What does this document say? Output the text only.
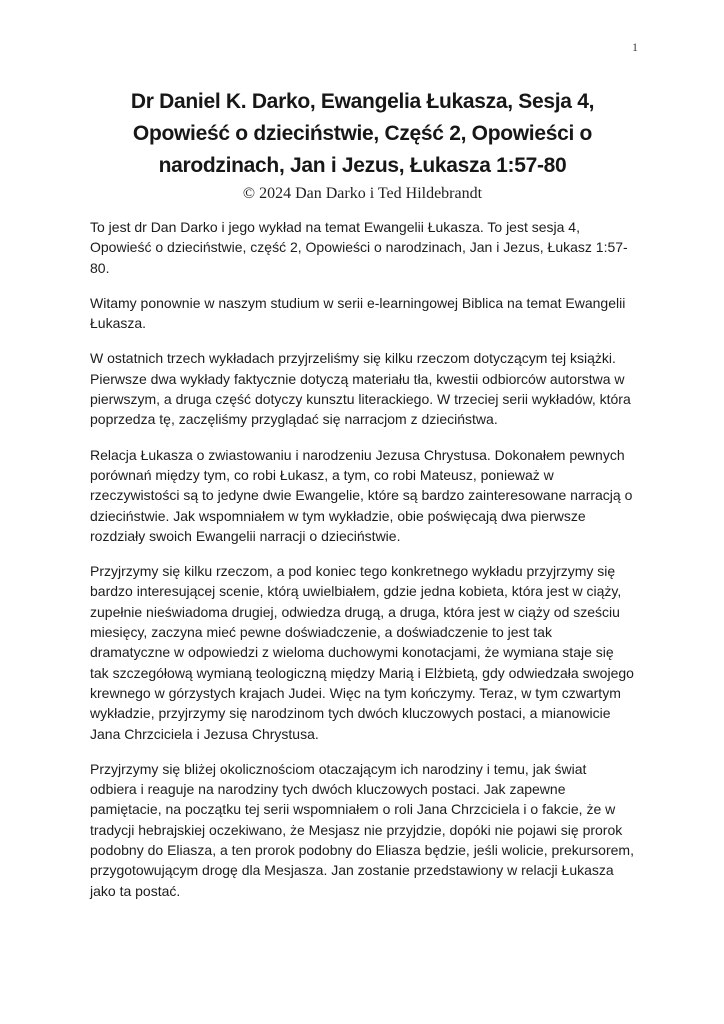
1
Dr Daniel K. Darko, Ewangelia Łukasza, Sesja 4,
Opowieść o dzieciństwie, Część 2, Opowieści o
narodzinach, Jan i Jezus, Łukasza 1:57-80
© 2024 Dan Darko i Ted Hildebrandt

To jest dr Dan Darko i jego wykład na temat Ewangelii Łukasza. To jest sesja 4, Opowieść o dzieciństwie, część 2, Opowieści o narodzinach, Jan i Jezus, Łukasz 1:57-80.

Witamy ponownie w naszym studium w serii e-learningowej Biblica na temat Ewangelii Łukasza.

W ostatnich trzech wykładach przyjrzeliśmy się kilku rzeczom dotyczącym tej książki. Pierwsze dwa wykłady faktycznie dotyczą materiału tła, kwestii odbiorców autorstwa w pierwszym, a druga część dotyczy kunsztu literackiego. W trzeciej serii wykładów, która poprzedza tę, zaczęliśmy przyglądać się narracjom z dzieciństwa.

Relacja Łukasza o zwiastowaniu i narodzeniu Jezusa Chrystusa. Dokonałem pewnych porównań między tym, co robi Łukasz, a tym, co robi Mateusz, ponieważ w rzeczywistości są to jedyne dwie Ewangelie, które są bardzo zainteresowane narracją o dzieciństwie. Jak wspomniałem w tym wykładzie, obie poświęcają dwa pierwsze rozdziały swoich Ewangelii narracji o dzieciństwie.

Przyjrzymy się kilku rzeczom, a pod koniec tego konkretnego wykładu przyjrzymy się bardzo interesującej scenie, którą uwielbiałem, gdzie jedna kobieta, która jest w ciąży, zupełnie nieświadoma drugiej, odwiedza drugą, a druga, która jest w ciąży od sześciu miesięcy, zaczyna mieć pewne doświadczenie, a doświadczenie to jest tak dramatyczne w odpowiedzi z wieloma duchowymi konotacjami, że wymiana staje się tak szczegółową wymianą teologiczną między Marią i Elżbietą, gdy odwiedzała swojego krewnego w górzystych krajach Judei. Więc na tym kończymy. Teraz, w tym czwartym wykładzie, przyjrzymy się narodzinom tych dwóch kluczowych postaci, a mianowicie Jana Chrzciciela i Jezusa Chrystusa.

Przyjrzymy się bliżej okolicznościom otaczającym ich narodziny i temu, jak świat odbiera i reaguje na narodziny tych dwóch kluczowych postaci. Jak zapewne pamiętacie, na początku tej serii wspomniałem o roli Jana Chrzciciela i o fakcie, że w tradycji hebrajskiej oczekiwano, że Mesjasz nie przyjdzie, dopóki nie pojawi się prorok podobny do Eliasza, a ten prorok podobny do Eliasza będzie, jeśli wolicie, prekursorem, przygotowującym drogę dla Mesjasza. Jan zostanie przedstawiony w relacji Łukasza jako ta postać.
